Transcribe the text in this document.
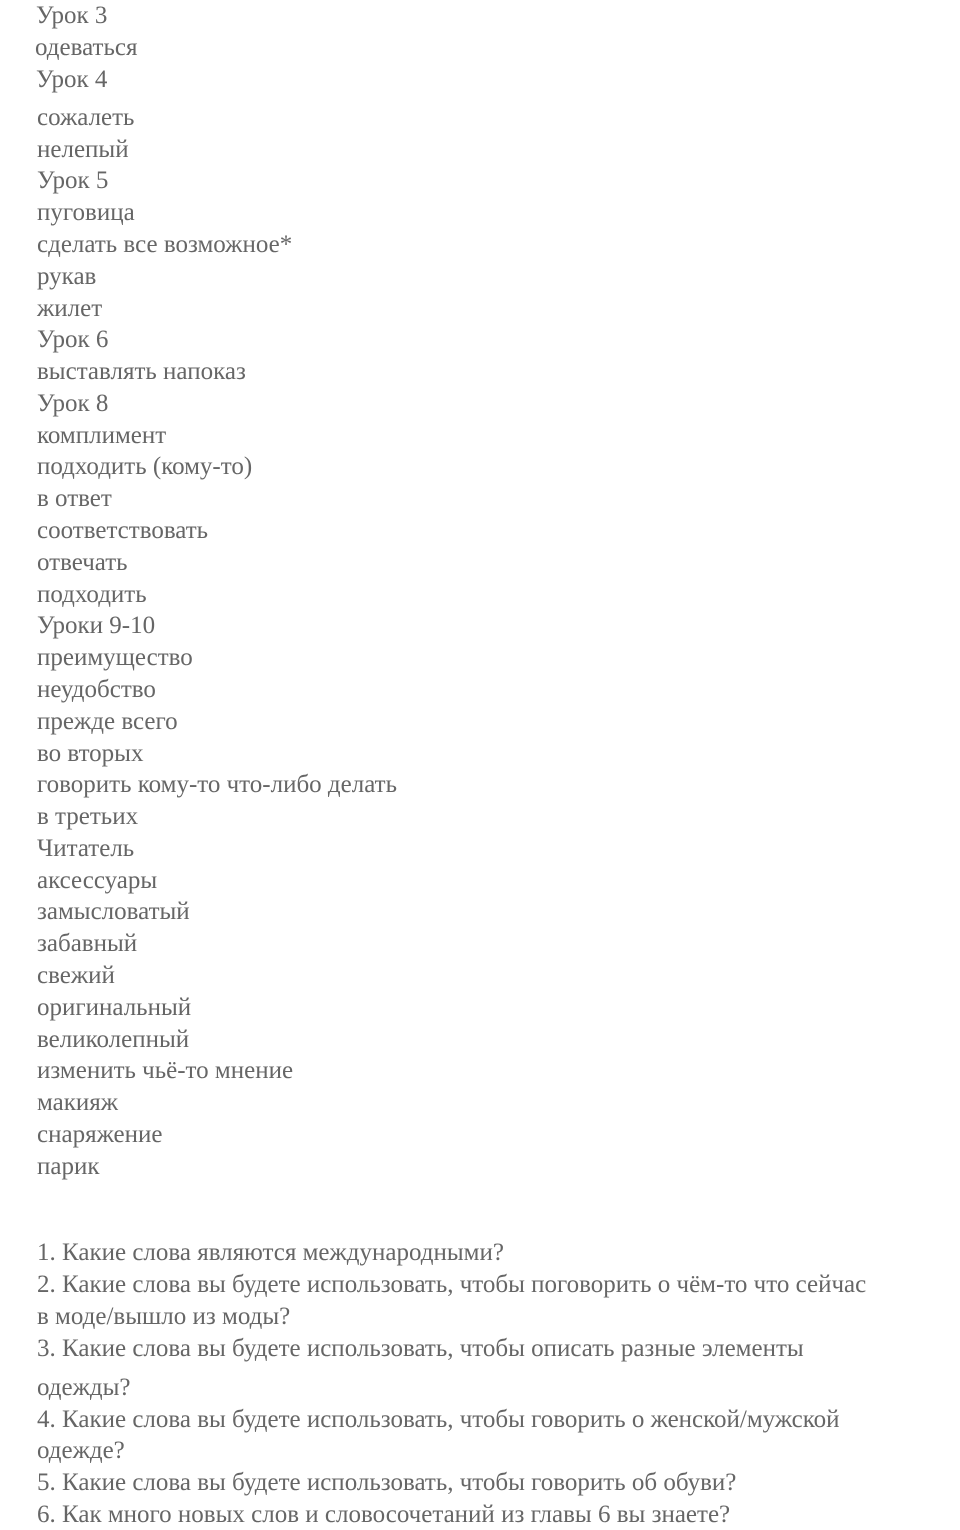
Урок 3
одеваться
Урок 4
сожалеть
нелепый
Урок 5
пуговица
сделать все возможное*
рукав
жилет
Урок 6
выставлять напоказ
Урок 8
комплимент
подходить (кому-то)
в ответ
соответствовать
отвечать
подходить
Уроки 9-10
преимущество
неудобство
прежде всего
во вторых
говорить кому-то что-либо делать
в третьих
Читатель
аксессуары
замысловатый
забавный
свежий
оригинальный
великолепный
изменить чьё-то мнение
макияж
снаряжение
парик
1. Какие слова являются международными?
2. Какие слова вы будете использовать, чтобы поговорить о чём-то что сейчас
в моде/вышло из моды?
3. Какие слова вы будете использовать, чтобы описать разные элементы
одежды?
4. Какие слова вы будете использовать, чтобы говорить о женской/мужской
одежде?
5. Какие слова вы будете использовать, чтобы говорить об обуви?
6. Как много новых слов и словосочетаний из главы 6 вы знаете?
